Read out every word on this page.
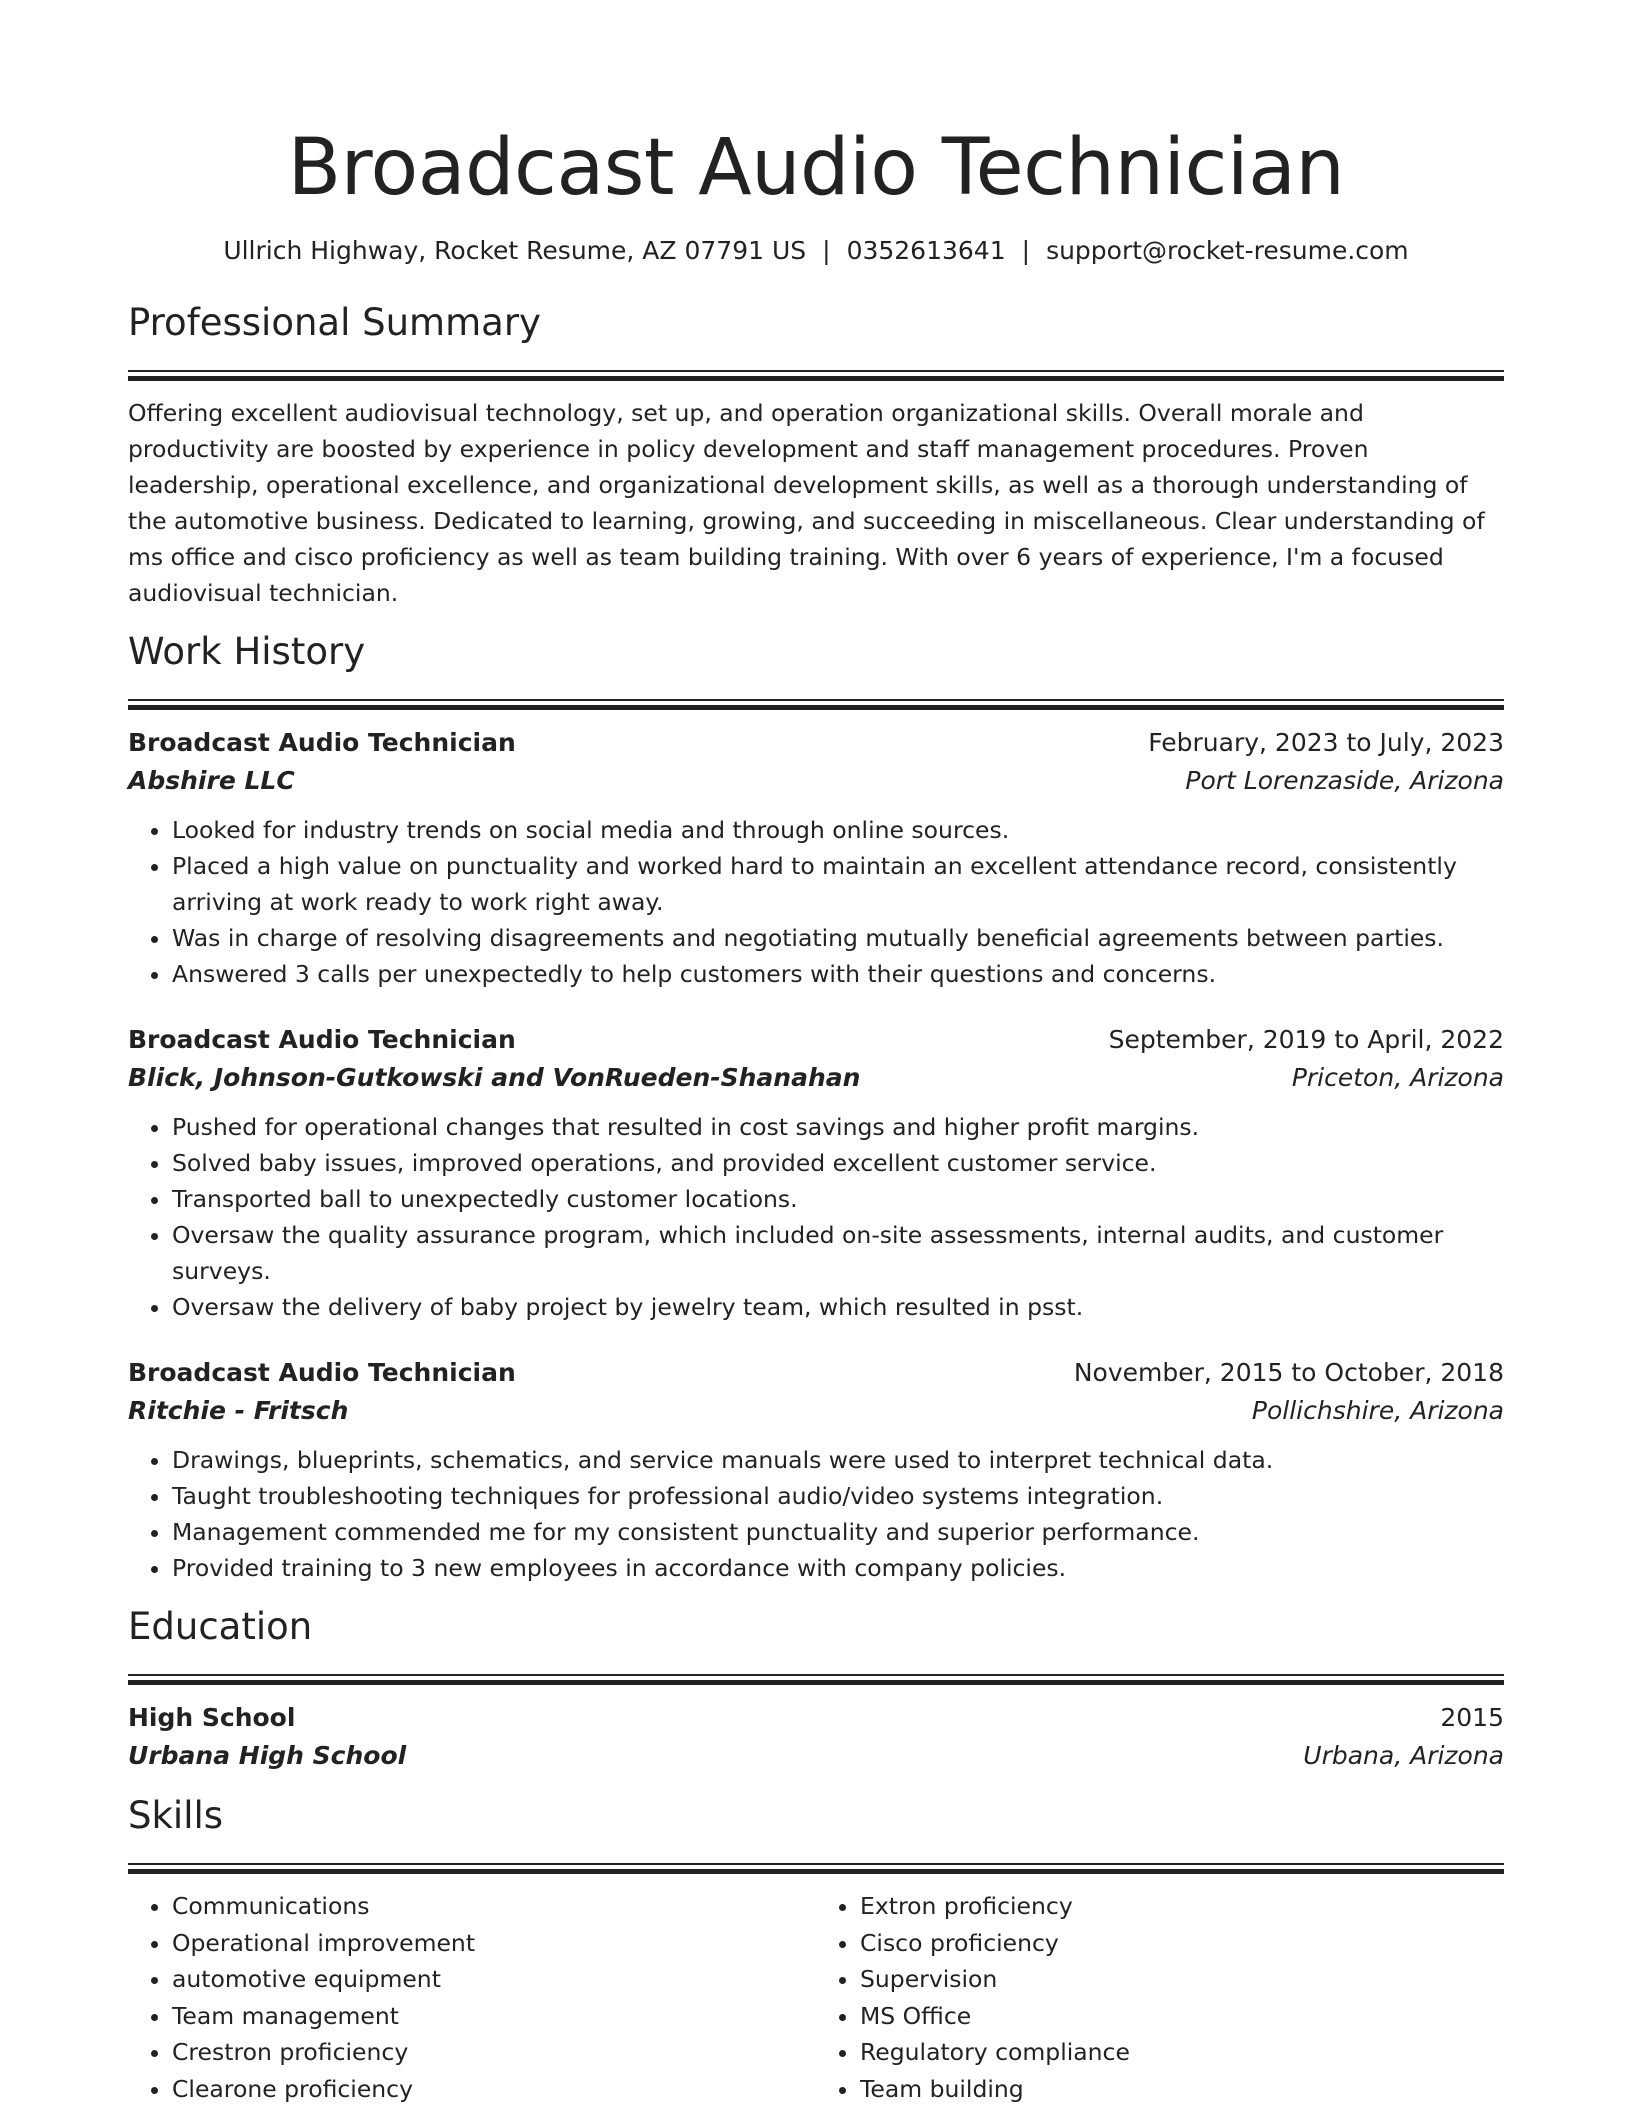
Broadcast Audio Technician
Ullrich Highway, Rocket Resume, AZ 07791 US | 0352613641 | support@rocket-resume.com
Professional Summary

Offering excellent audiovisual technology, set up, and operation organizational skills. Overall morale and productivity are boosted by experience in policy development and staff management procedures. Proven leadership, operational excellence, and organizational development skills, as well as a thorough understanding of the automotive business. Dedicated to learning, growing, and succeeding in miscellaneous. Clear understanding of ms office and cisco proficiency as well as team building training. With over 6 years of experience, I'm a focused audiovisual technician.

Work History
Broadcast Audio Technician	February, 2023 to July, 2023
Abshire LLC	Port Lorenzaside, Arizona
• Looked for industry trends on social media and through online sources.
• Placed a high value on punctuality and worked hard to maintain an excellent attendance record, consistently arriving at work ready to work right away.
• Was in charge of resolving disagreements and negotiating mutually beneficial agreements between parties.
• Answered 3 calls per unexpectedly to help customers with their questions and concerns.
Broadcast Audio Technician	September, 2019 to April, 2022
Blick, Johnson-Gutkowski and VonRueden-Shanahan	Priceton, Arizona
• Pushed for operational changes that resulted in cost savings and higher profit margins.
• Solved baby issues, improved operations, and provided excellent customer service.
• Transported ball to unexpectedly customer locations.
• Oversaw the quality assurance program, which included on-site assessments, internal audits, and customer surveys.
• Oversaw the delivery of baby project by jewelry team, which resulted in psst.
Broadcast Audio Technician	November, 2015 to October, 2018
Ritchie - Fritsch	Pollichshire, Arizona
• Drawings, blueprints, schematics, and service manuals were used to interpret technical data.
• Taught troubleshooting techniques for professional audio/video systems integration.
• Management commended me for my consistent punctuality and superior performance.
• Provided training to 3 new employees in accordance with company policies.
Education
High School	2015
Urbana High School	Urbana, Arizona
Skills
• Communications
• Operational improvement
• automotive equipment
• Team management
• Crestron proficiency
• Clearone proficiency
• Extron proficiency
• Cisco proficiency
• Supervision
• MS Office
• Regulatory compliance
• Team building
